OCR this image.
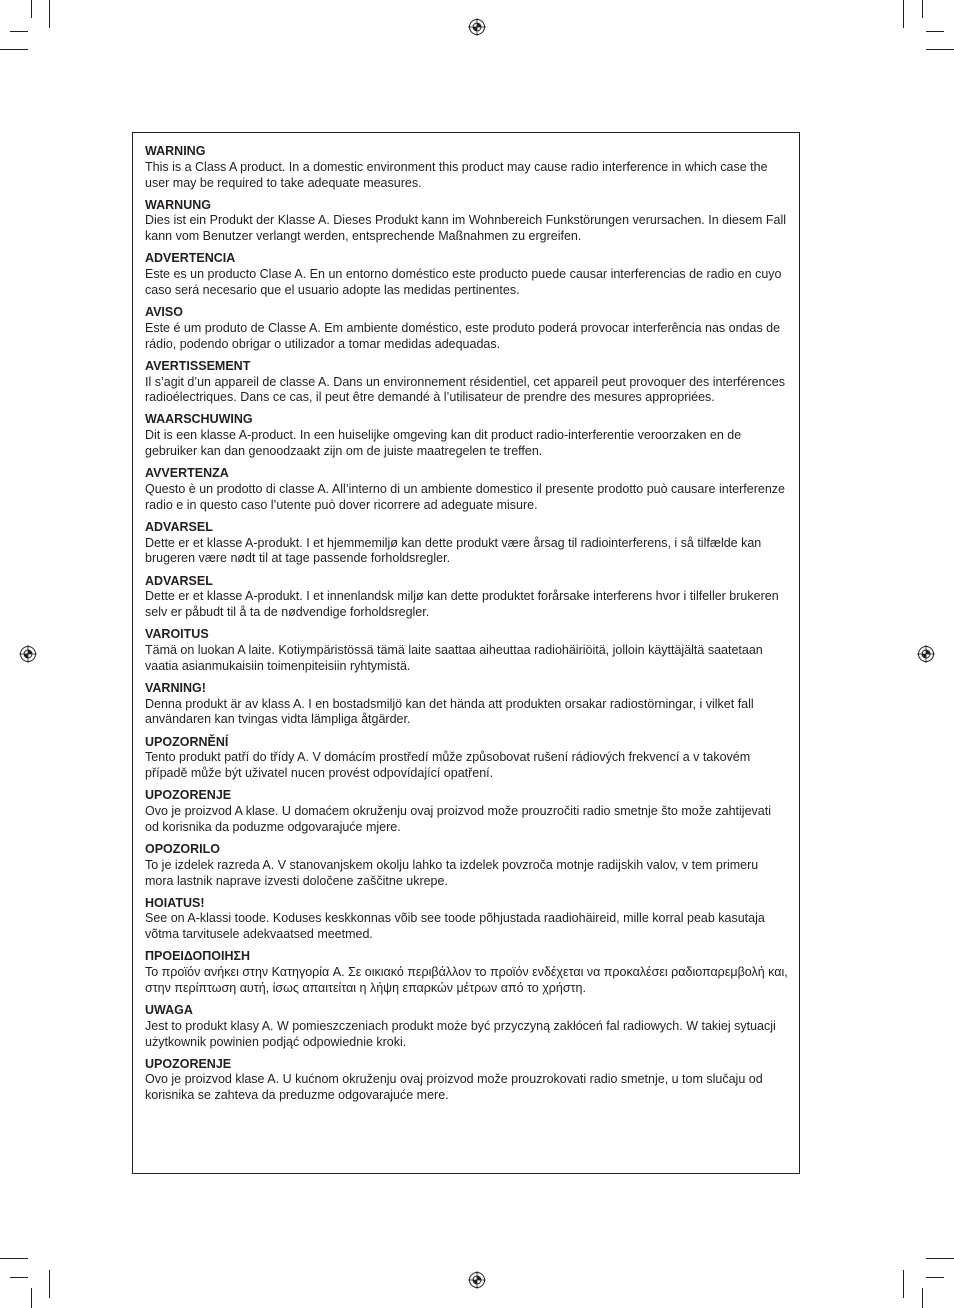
WARNING

This is a Class A product. In a domestic environment this product may cause radio interference in which case the user may be required to take adequate measures.

WARNUNG

Dies ist ein Produkt der Klasse A. Dieses Produkt kann im Wohnbereich Funkstörungen verursachen. In diesem Fall kann vom Benutzer verlangt werden, entsprechende Maßnahmen zu ergreifen.

ADVERTENCIA

Este es un producto Clase A. En un entorno doméstico este producto puede causar interferencias de radio en cuyo caso será necesario que el usuario adopte las medidas pertinentes.

AVISO

Este é um produto de Classe A. Em ambiente doméstico, este produto poderá provocar interferência nas ondas de rádio, podendo obrigar o utilizador a tomar medidas adequadas.

AVERTISSEMENT

Il s’agit d’un appareil de classe A. Dans un environnement résidentiel, cet appareil peut provoquer des interférences radioélectriques. Dans ce cas, il peut être demandé à l’utilisateur de prendre des mesures appropriées.

WAARSCHUWING

Dit is een klasse A-product. In een huiselijke omgeving kan dit product radio-interferentie veroorzaken en de gebruiker kan dan genoodzaakt zijn om de juiste maatregelen te treffen.

AVVERTENZA

Questo è un prodotto di classe A. All’interno di un ambiente domestico il presente prodotto può causare interferenze radio e in questo caso l’utente può dover ricorrere ad adeguate misure.

ADVARSEL

Dette er et klasse A-produkt. I et hjemmemiljø kan dette produkt være årsag til radiointerferens, i så tilfælde kan brugeren være nødt til at tage passende forholdsregler.

ADVARSEL

Dette er et klasse A-produkt. I et innenlandsk miljø kan dette produktet forårsake interferens hvor i tilfeller brukeren selv er påbudt til å ta de nødvendige forholdsregler.

VAROITUS

Tämä on luokan A laite. Kotiympäristössä tämä laite saattaa aiheuttaa radiohäiriöitä, jolloin käyttäjältä saatetaan vaatia asianmukaisiin toimenpiteisiin ryhtymistä.

VARNING!

Denna produkt är av klass A. I en bostadsmiljö kan det hända att produkten orsakar radiostörningar, i vilket fall användaren kan tvingas vidta lämpliga åtgärder.

UPOZORNĚNÍ

Tento produkt patří do třídy A. V domácím prostředí může způsobovat rušení rádiových frekvencí a v takovém případě může být uživatel nucen provést odpovídající opatření.

UPOZORENJE

Ovo je proizvod A klase. U domaćem okruženju ovaj proizvod može prouzročiti radio smetnje što može zahtijevati od korisnika da poduzme odgovarajuće mjere.

OPOZORILO

To je izdelek razreda A. V stanovanjskem okolju lahko ta izdelek povzroča motnje radijskih valov, v tem primeru mora lastnik naprave izvesti določene zaščitne ukrepe.

HOIATUS!

See on A-klassi toode. Koduses keskkonnas võib see toode põhjustada raadiohäireid, mille korral peab kasutaja võtma tarvitusele adekvaatsed meetmed.

ΠΡΟΕΙΔΟΠΟΙΗΣΗ

Το προϊόν ανήκει στην Κατηγορία A. Σε οικιακό περιβάλλον το προϊόν ενδέχεται να προκαλέσει ραδιοπαρεμβολή και, στην περίπτωση αυτή, ίσως απαιτείται η λήψη επαρκών μέτρων από το χρήστη.

UWAGA

Jest to produkt klasy A. W pomieszczeniach produkt może być przyczyną zakłóceń fal radiowych. W takiej sytuacji użytkownik powinien podjąć odpowiednie kroki.

UPOZORENJE

Ovo je proizvod klase A. U kućnom okruženju ovaj proizvod može prouzrokovati radio smetnje, u tom slučaju od korisnika se zahteva da preduzme odgovarajuće mere.
